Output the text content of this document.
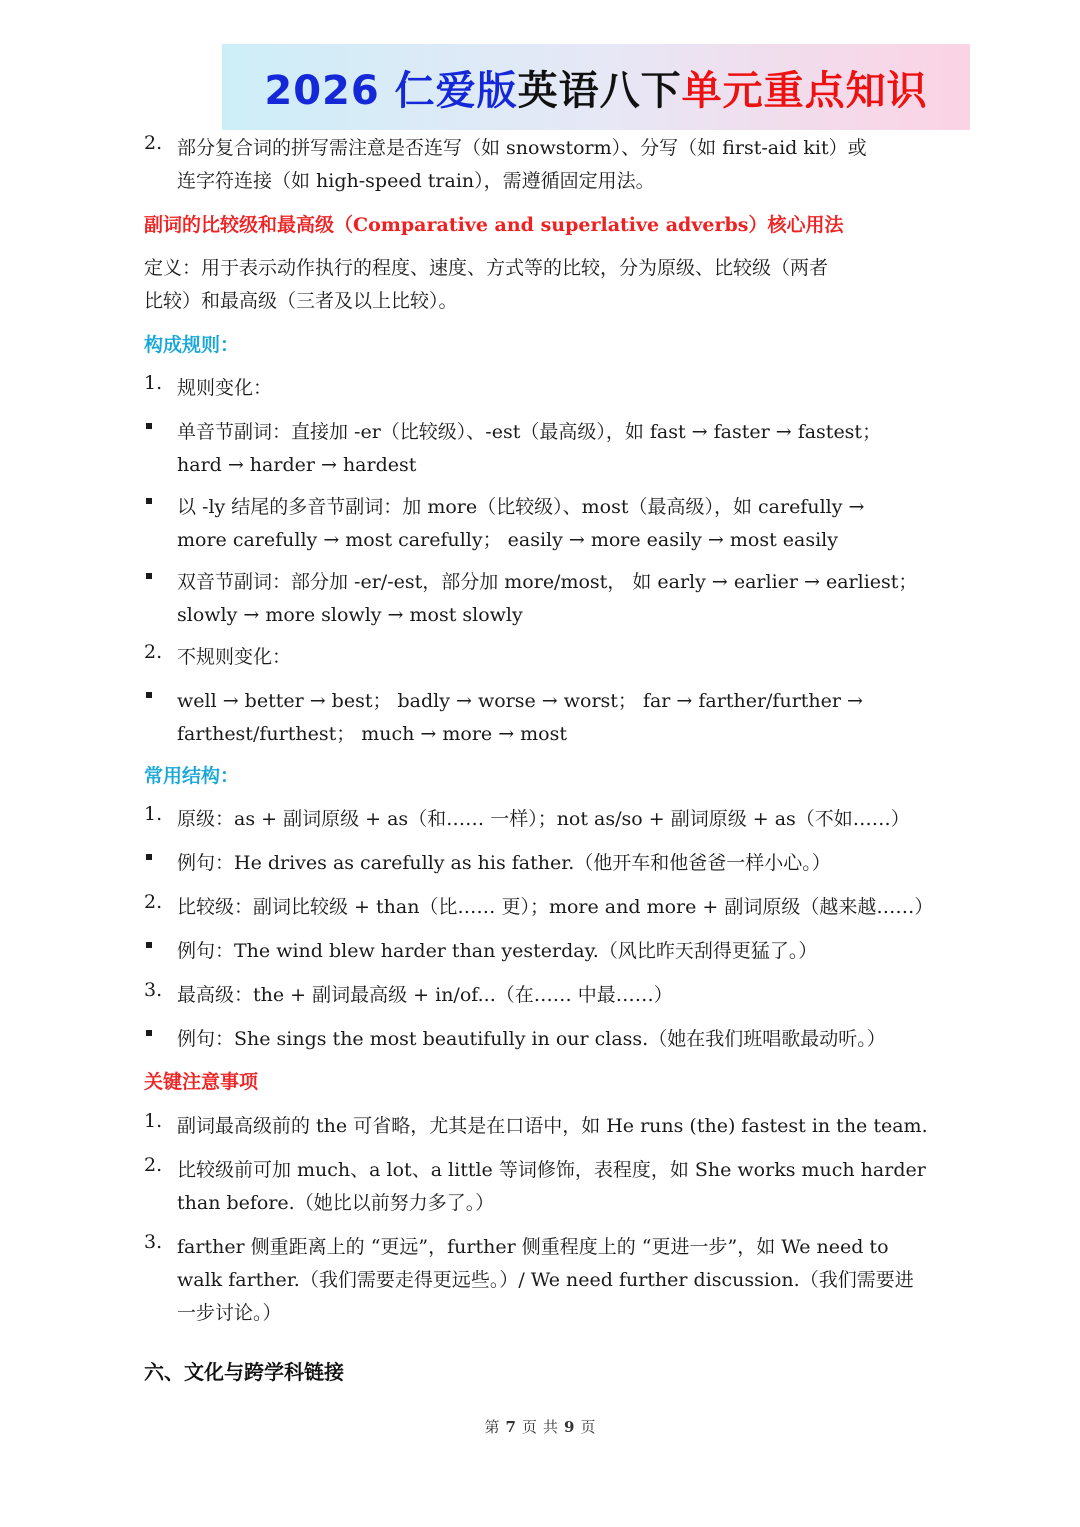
2026 仁爱版 英语八下 单元重点知识
2. 部分复合词的拼写需注意是否连写（如 snowstorm）、分写（如 first-aid kit）或
连字符连接（如 high-speed train），需遵循固定用法。
副词的比较级和最高级（Comparative and superlative adverbs）核心用法
定义：用于表示动作执行的程度、速度、方式等的比较，分为原级、比较级（两者
比较）和最高级（三者及以上比较）。
构成规则：
1. 规则变化：
单音节副词：直接加 -er（比较级）、-est（最高级），如 fast → faster → fastest；
hard → harder → hardest
以 -ly 结尾的多音节副词：加 more（比较级）、most（最高级），如 carefully →
more carefully → most carefully； easily → more easily → most easily
双音节副词：部分加 -er/-est，部分加 more/most， 如 early → earlier → earliest；
slowly → more slowly → most slowly
2. 不规则变化：
well → better → best； badly → worse → worst； far → farther/further →
farthest/furthest； much → more → most
常用结构：
1. 原级：as + 副词原级 + as（和…… 一样）；not as/so + 副词原级 + as（不如……）
例句：He drives as carefully as his father.（他开车和他爸爸一样小心。）
2. 比较级：副词比较级 + than（比…… 更）；more and more + 副词原级（越来越……）
例句：The wind blew harder than yesterday.（风比昨天刮得更猛了。）
3. 最高级：the + 副词最高级 + in/of...（在…… 中最……）
例句：She sings the most beautifully in our class.（她在我们班唱歌最动听。）
关键注意事项
1. 副词最高级前的 the 可省略，尤其是在口语中，如 He runs (the) fastest in the team.
2. 比较级前可加 much、a lot、a little 等词修饰，表程度，如 She works much harder
than before.（她比以前努力多了。）
3. farther 侧重距离上的 “更远”，further 侧重程度上的 “更进一步”，如 We need to
walk farther.（我们需要走得更远些。）/ We need further discussion.（我们需要进
一步讨论。）
六、文化与跨学科链接
第 7 页 共 9 页
